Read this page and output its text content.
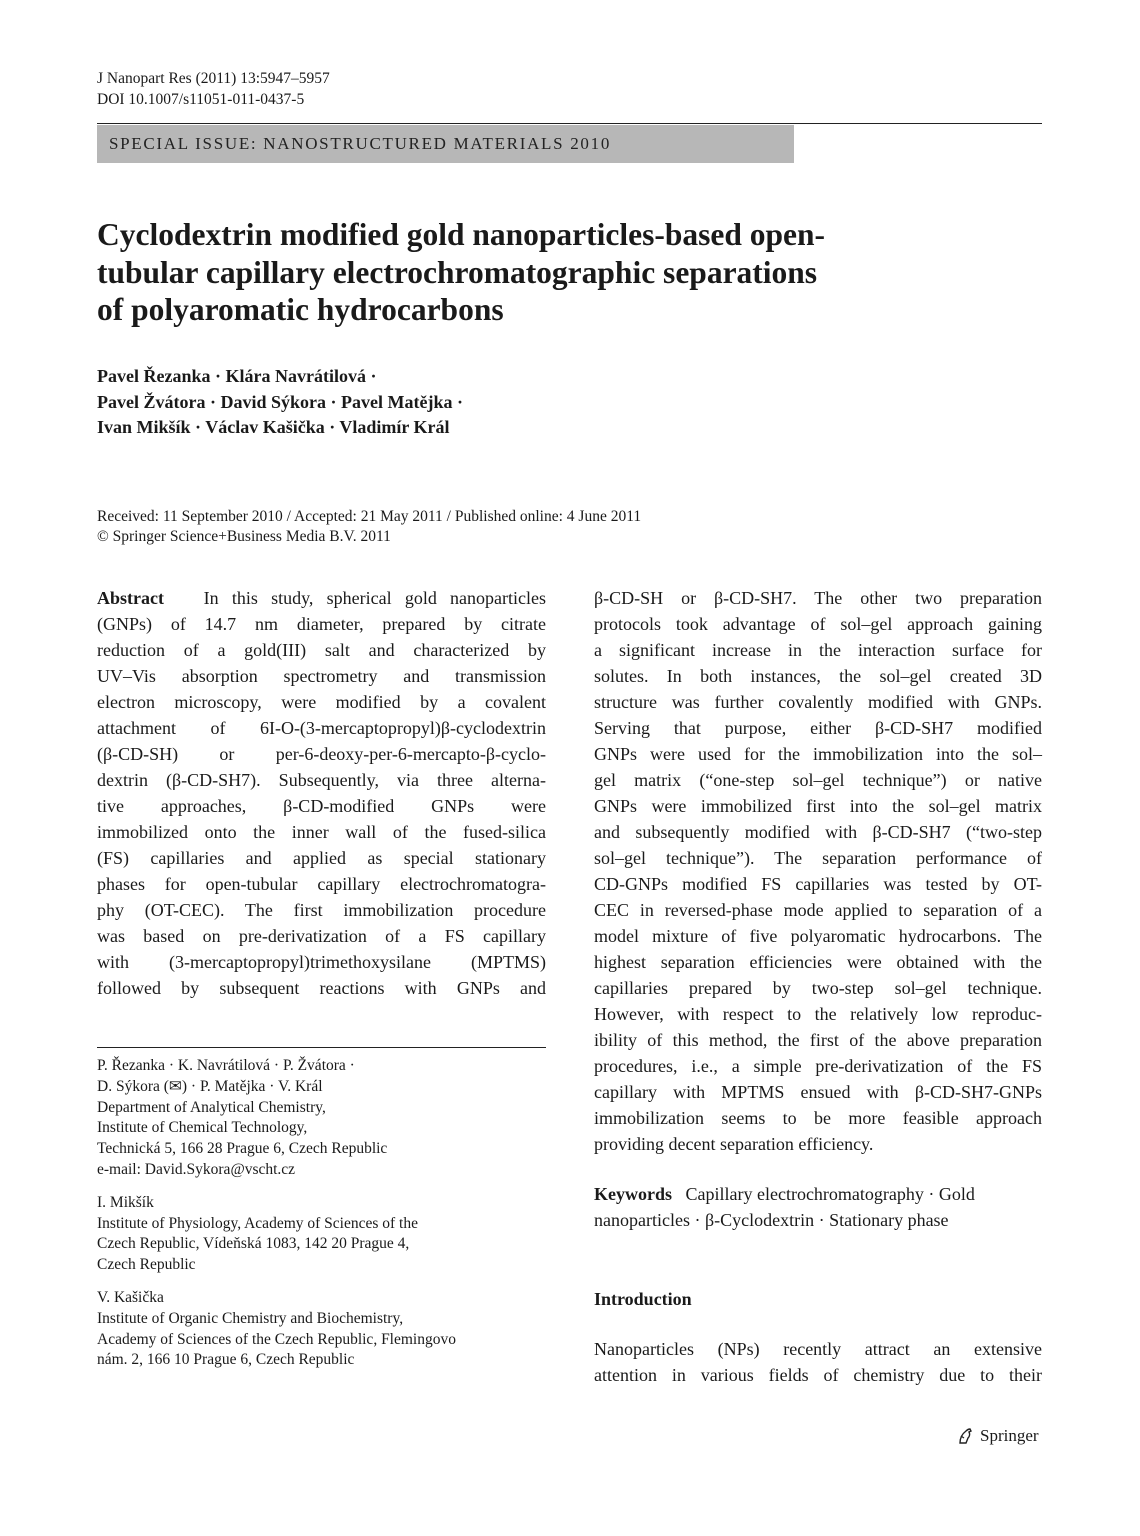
J Nanopart Res (2011) 13:5947–5957
DOI 10.1007/s11051-011-0437-5
SPECIAL ISSUE: NANOSTRUCTURED MATERIALS 2010
Cyclodextrin modified gold nanoparticles-based open-
tubular capillary electrochromatographic separations
of polyaromatic hydrocarbons
Pavel Řezanka · Klára Navrátilová ·
Pavel Žvátora · David Sýkora · Pavel Matějka ·
Ivan Mikšík · Václav Kašička · Vladimír Král
Received: 11 September 2010 / Accepted: 21 May 2011 / Published online: 4 June 2011
© Springer Science+Business Media B.V. 2011
Abstract In this study, spherical gold nanoparticles
(GNPs) of 14.7 nm diameter, prepared by citrate
reduction of a gold(III) salt and characterized by
UV–Vis absorption spectrometry and transmission
electron microscopy, were modified by a covalent
attachment of 6I-O-(3-mercaptopropyl)β-cyclodextrin
(β-CD-SH) or per-6-deoxy-per-6-mercapto-β-cyclo-
dextrin (β-CD-SH7). Subsequently, via three alterna-
tive approaches, β-CD-modified GNPs were
immobilized onto the inner wall of the fused-silica
(FS) capillaries and applied as special stationary
phases for open-tubular capillary electrochromatogra-
phy (OT-CEC). The first immobilization procedure
was based on pre-derivatization of a FS capillary
with (3-mercaptopropyl)trimethoxysilane (MPTMS)
followed by subsequent reactions with GNPs and
β-CD-SH or β-CD-SH7. The other two preparation
protocols took advantage of sol–gel approach gaining
a significant increase in the interaction surface for
solutes. In both instances, the sol–gel created 3D
structure was further covalently modified with GNPs.
Serving that purpose, either β-CD-SH7 modified
GNPs were used for the immobilization into the sol–
gel matrix (“one-step sol–gel technique”) or native
GNPs were immobilized first into the sol–gel matrix
and subsequently modified with β-CD-SH7 (“two-step
sol–gel technique”). The separation performance of
CD-GNPs modified FS capillaries was tested by OT-
CEC in reversed-phase mode applied to separation of a
model mixture of five polyaromatic hydrocarbons. The
highest separation efficiencies were obtained with the
capillaries prepared by two-step sol–gel technique.
However, with respect to the relatively low reproduc-
ibility of this method, the first of the above preparation
procedures, i.e., a simple pre-derivatization of the FS
capillary with MPTMS ensued with β-CD-SH7-GNPs
immobilization seems to be more feasible approach
providing decent separation efficiency.
P. Řezanka · K. Navrátilová · P. Žvátora ·
D. Sýkora (✉) · P. Matějka · V. Král
Department of Analytical Chemistry,
Institute of Chemical Technology,
Technická 5, 166 28 Prague 6, Czech Republic
e-mail: David.Sykora@vscht.cz
I. Mikšík
Institute of Physiology, Academy of Sciences of the
Czech Republic, Vídeňská 1083, 142 20 Prague 4,
Czech Republic
V. Kašička
Institute of Organic Chemistry and Biochemistry,
Academy of Sciences of the Czech Republic, Flemingovo
nám. 2, 166 10 Prague 6, Czech Republic
Keywords Capillary electrochromatography · Gold
nanoparticles · β-Cyclodextrin · Stationary phase
Introduction
Nanoparticles (NPs) recently attract an extensive
attention in various fields of chemistry due to their
Springer
